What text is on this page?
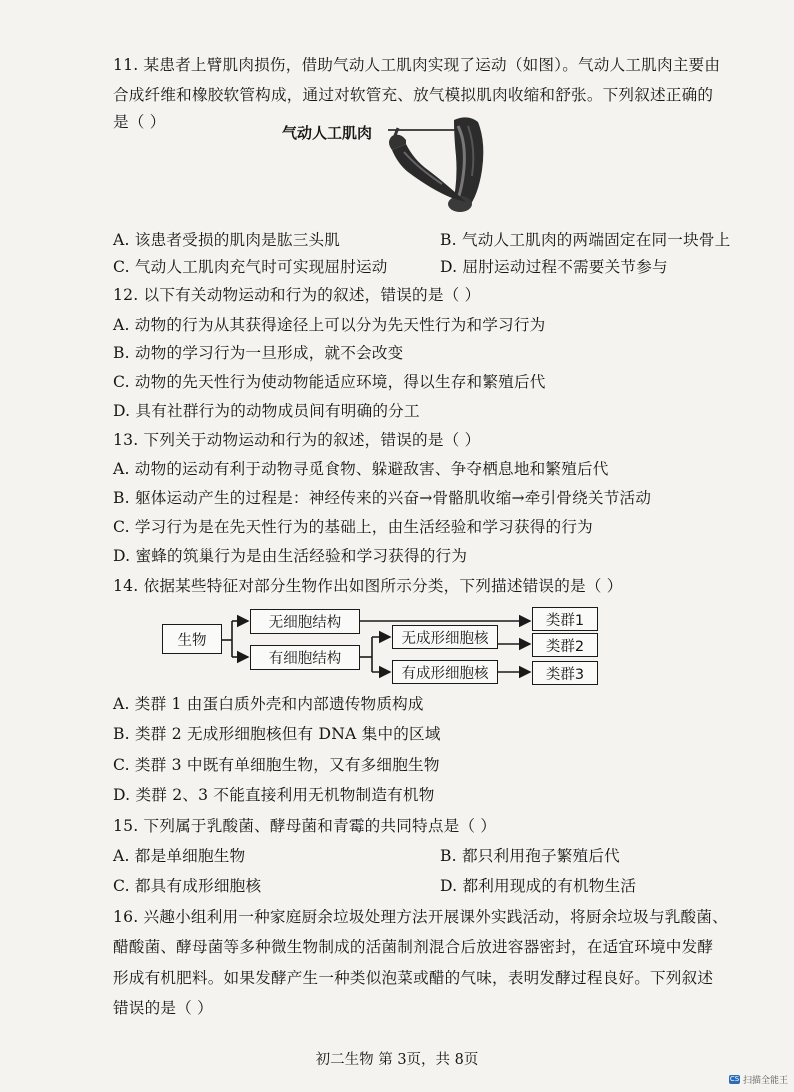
11. 某患者上臂肌肉损伤，借助气动人工肌肉实现了运动（如图）。气动人工肌肉主要由
合成纤维和橡胶软管构成，通过对软管充、放气模拟肌肉收缩和舒张。下列叙述正确的
是（ ）
气动人工肌肉
A. 该患者受损的肌肉是肱三头肌	B. 气动人工肌肉的两端固定在同一块骨上
C. 气动人工肌肉充气时可实现屈肘运动	D. 屈肘运动过程不需要关节参与
12. 以下有关动物运动和行为的叙述，错误的是（ ）
A. 动物的行为从其获得途径上可以分为先天性行为和学习行为
B. 动物的学习行为一旦形成，就不会改变
C. 动物的先天性行为使动物能适应环境，得以生存和繁殖后代
D. 具有社群行为的动物成员间有明确的分工
13. 下列关于动物运动和行为的叙述，错误的是（ ）
A. 动物的运动有利于动物寻觅食物、躲避敌害、争夺栖息地和繁殖后代
B. 躯体运动产生的过程是：神经传来的兴奋→骨骼肌收缩→牵引骨绕关节活动
C. 学习行为是在先天性行为的基础上，由生活经验和学习获得的行为
D. 蜜蜂的筑巢行为是由生活经验和学习获得的行为
14. 依据某些特征对部分生物作出如图所示分类，下列描述错误的是（ ）
生物
无细胞结构
有细胞结构
无成形细胞核
有成形细胞核
类群1
类群2
类群3
A. 类群 1 由蛋白质外壳和内部遗传物质构成
B. 类群 2 无成形细胞核但有 DNA 集中的区域
C. 类群 3 中既有单细胞生物，又有多细胞生物
D. 类群 2、3 不能直接利用无机物制造有机物
15. 下列属于乳酸菌、酵母菌和青霉的共同特点是（ ）
A. 都是单细胞生物	B. 都只利用孢子繁殖后代
C. 都具有成形细胞核	D. 都利用现成的有机物生活
16. 兴趣小组利用一种家庭厨余垃圾处理方法开展课外实践活动，将厨余垃圾与乳酸菌、
醋酸菌、酵母菌等多种微生物制成的活菌制剂混合后放进容器密封，在适宜环境中发酵
形成有机肥料。如果发酵产生一种类似泡菜或醋的气味，表明发酵过程良好。下列叙述
错误的是（ ）
初二生物 第 3页，共 8页
CS 扫描全能王
